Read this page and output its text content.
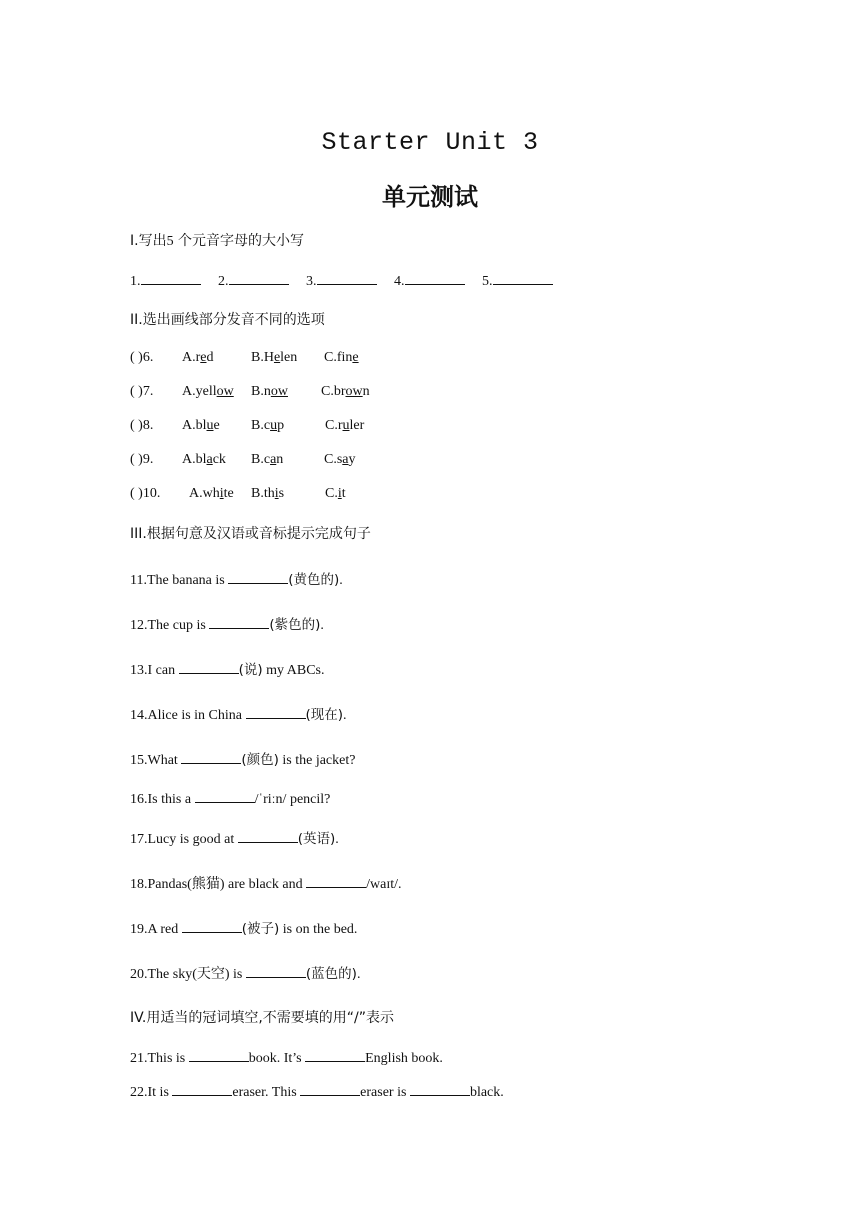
Starter Unit 3
单元测试
I.写出5 个元音字母的大小写
1.	2.	3.	4.	5.
II.选出画线部分发音不同的选项
( )6. A.red	B.Helen C.fine
( )7. A.yellow B.now C.brown
( )8. A.blue B.cup	C.ruler
( )9. A.black B.can	C.say
( )10. A.white B.this	C.it
III.根据句意及汉语或音标提示完成句子
11.The banana is	(黄色的).
12.The cup is	(紫色的).
13.I can	(说) my ABCs.
14.Alice is in China	(现在).
15.What	(颜色) is the jacket?
16.Is this a	/ˈriːn/ pencil?
17.Lucy is good at	(英语).
18.Pandas(熊猫) are black and	/waɪt/.
19.A red	(被子) is on the bed.
20.The sky(天空) is	(蓝色的).
IV.用适当的冠词填空,不需要填的用“/”表示
21.This is	book. It’s	English book.
22.It is	eraser. This	eraser is	black.
